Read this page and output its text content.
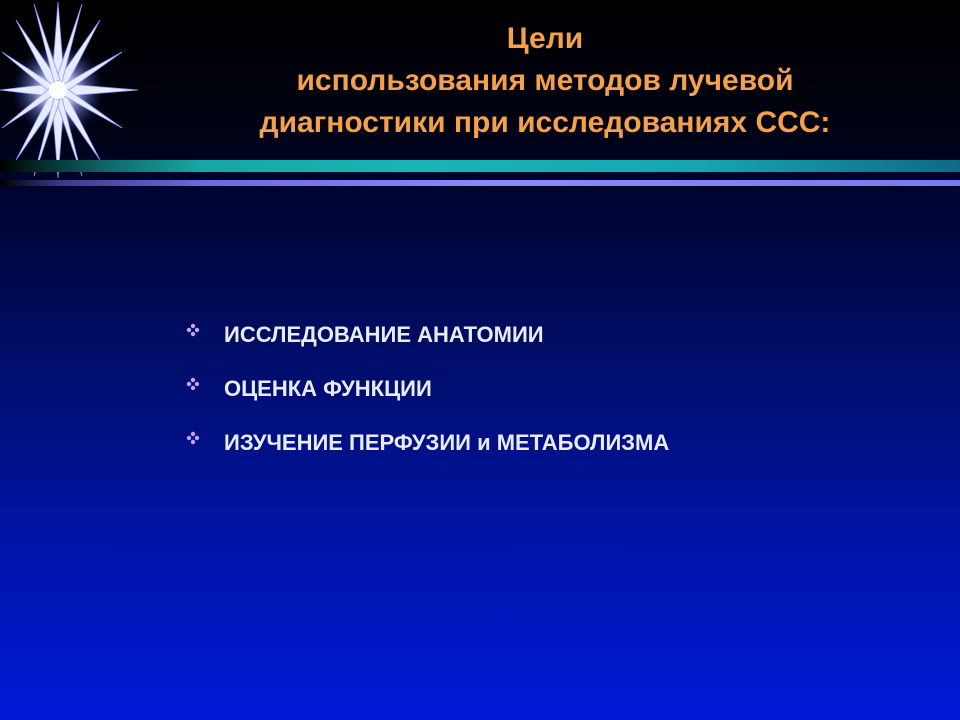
Цели
использования методов лучевой
диагностики при исследованиях ССС:
ИССЛЕДОВАНИЕ АНАТОМИИ
ОЦЕНКА ФУНКЦИИ
ИЗУЧЕНИЕ ПЕРФУЗИИ и МЕТАБОЛИЗМА
